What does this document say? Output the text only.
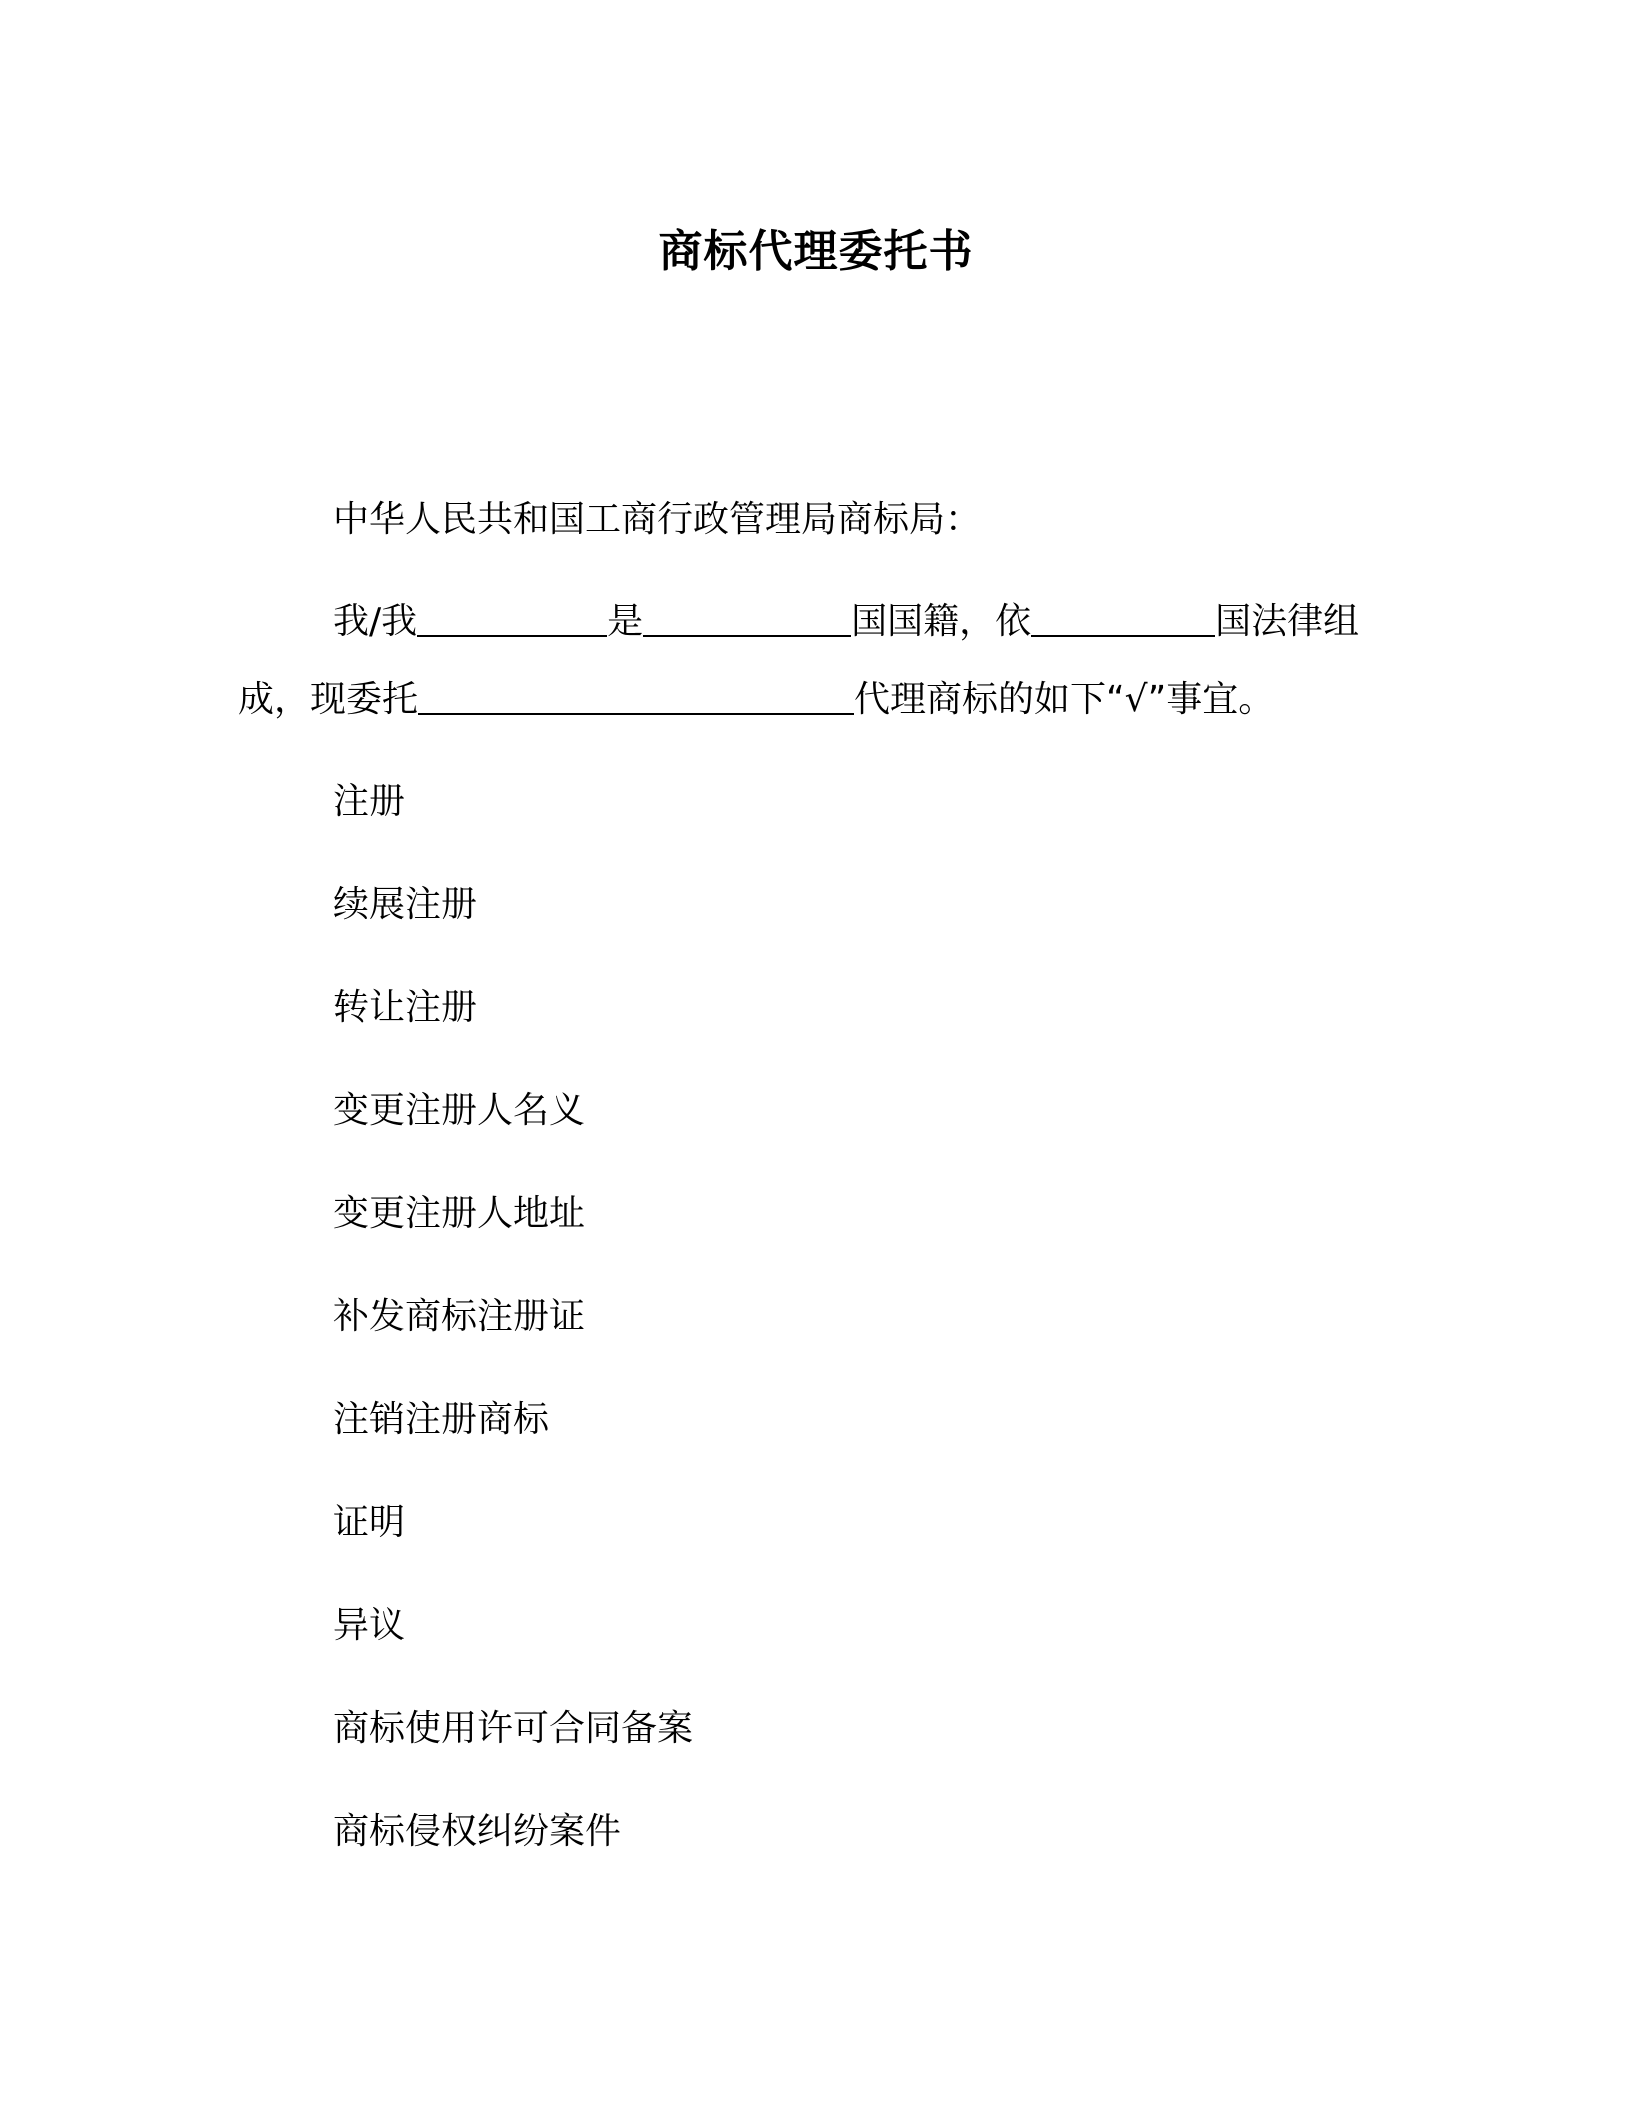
商标代理委托书
中华人民共和国工商行政管理局商标局：
我/我	是	国国籍，依	国法律组
成，现委托	代理商标的如下“√”事宜。
注册
续展注册
转让注册
变更注册人名义
变更注册人地址
补发商标注册证
注销注册商标
证明
异议
商标使用许可合同备案
商标侵权纠纷案件
